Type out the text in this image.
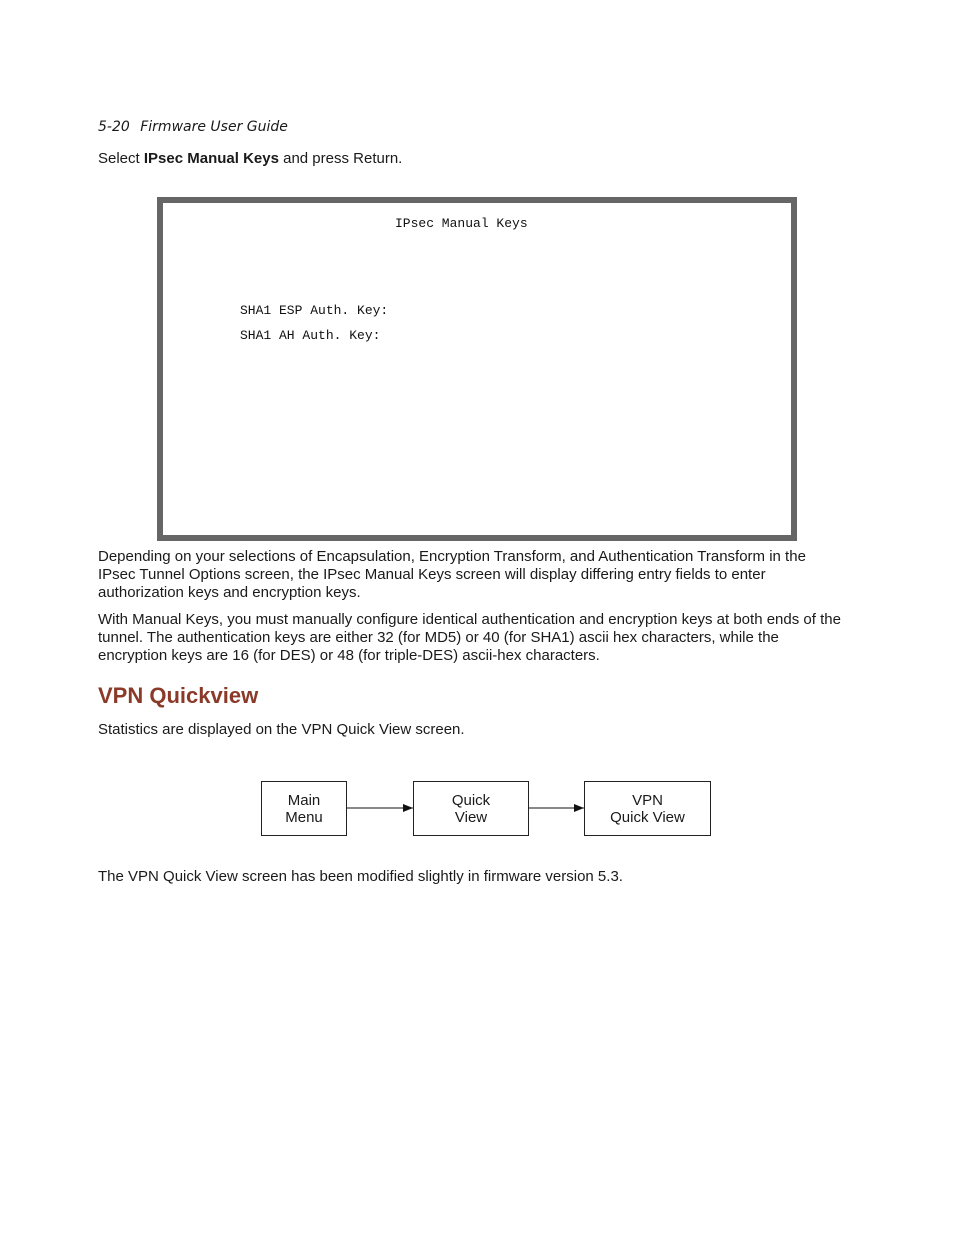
5-20 Firmware User Guide
Select IPsec Manual Keys and press Return.
IPsec Manual Keys
SHA1 ESP Auth. Key:
SHA1 AH Auth. Key:

Depending on your selections of Encapsulation, Encryption Transform, and Authentication Transform in the IPsec Tunnel Options screen, the IPsec Manual Keys screen will display differing entry fields to enter authorization keys and encryption keys.

With Manual Keys, you must manually configure identical authentication and encryption keys at both ends of the tunnel. The authentication keys are either 32 (for MD5) or 40 (for SHA1) ascii hex characters, while the encryption keys are 16 (for DES) or 48 (for triple-DES) ascii-hex characters.

VPN Quickview

Statistics are displayed on the VPN Quick View screen.

Main
Menu
Quick
View
VPN
Quick View

The VPN Quick View screen has been modified slightly in firmware version 5.3.
